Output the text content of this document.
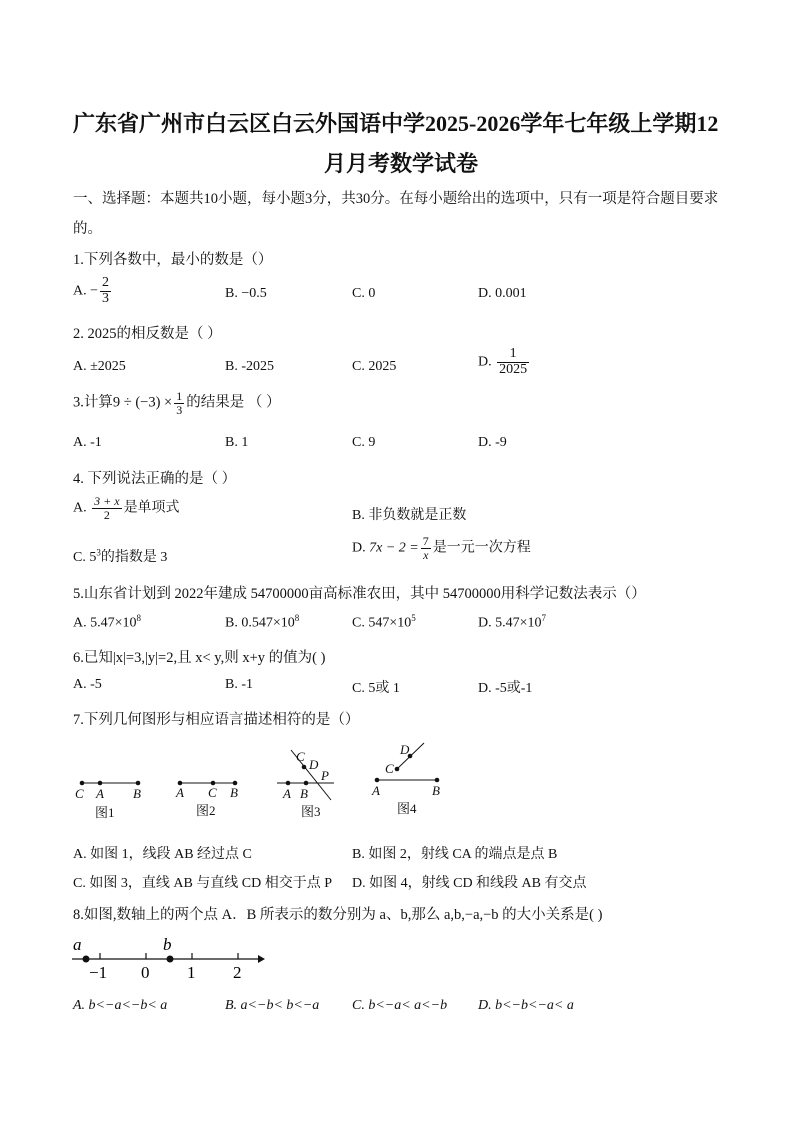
广东省广州市白云区白云外国语中学2025-2026学年七年级上学期12
月月考数学试卷
一、选择题：本题共10小题，每小题3分，共30分。在每小题给出的选项中，只有一项是符合题目要求
的。
1.下列各数中，最小的数是（）
A. − $\frac{2}{3}$	B. −0.5	C. 0	D. 0.001
2. 2025的相反数是（ ）
A. ±2025	B. -2025	C. 2025	D. $\frac{1}{2025}$
3.计算$9 \div (-3) \times \frac{1}{3}$ 的结果是 （ ）
A. -1	B. 1	C. 9	D. -9
4. 下列说法正确的是（ ）
A. $\frac{3 + x}{2}$ 是单项式
B. 非负数就是正数
C. $5^3$的指数是 3
D. $7x - 2 = \frac{7}{x}$ 是一元一次方程
5.山东省计划到 2022年建成 54700000亩高标准农田，其中 54700000用科学记数法表示（）
A. $5.47\times 10^8$	B. $0.547\times 10^8$	C. $547\times 10^5$	D. $5.47\times 10^7$
6.已知|x|=3,|y|=2,且 x< y,则 x+y 的值为( )
A. -5	B. -1	C. 5或 1	D. -5或-1
7.下列几何图形与相应语言描述相符的是（）
C A B
图1
A C B
图2
C
D
P
A B
图3
D
C
A	B
图4
A. 如图 1，线段 AB 经过点 C	B. 如图 2，射线 CA 的端点是点 B
C. 如图 3，直线 AB 与直线 CD 相交于点 P D. 如图 4，射线 CD 和线段 AB 有交点
8.如图,数轴上的两个点 A．B 所表示的数分别为 a、b,那么 a,b,−a,−b 的大小关系是( )
a	b
−1 0 1 2
A. b<−a<−b< a	B. a<−b< b<−a C. b<−a< a<−b D. b<−b<−a< a
